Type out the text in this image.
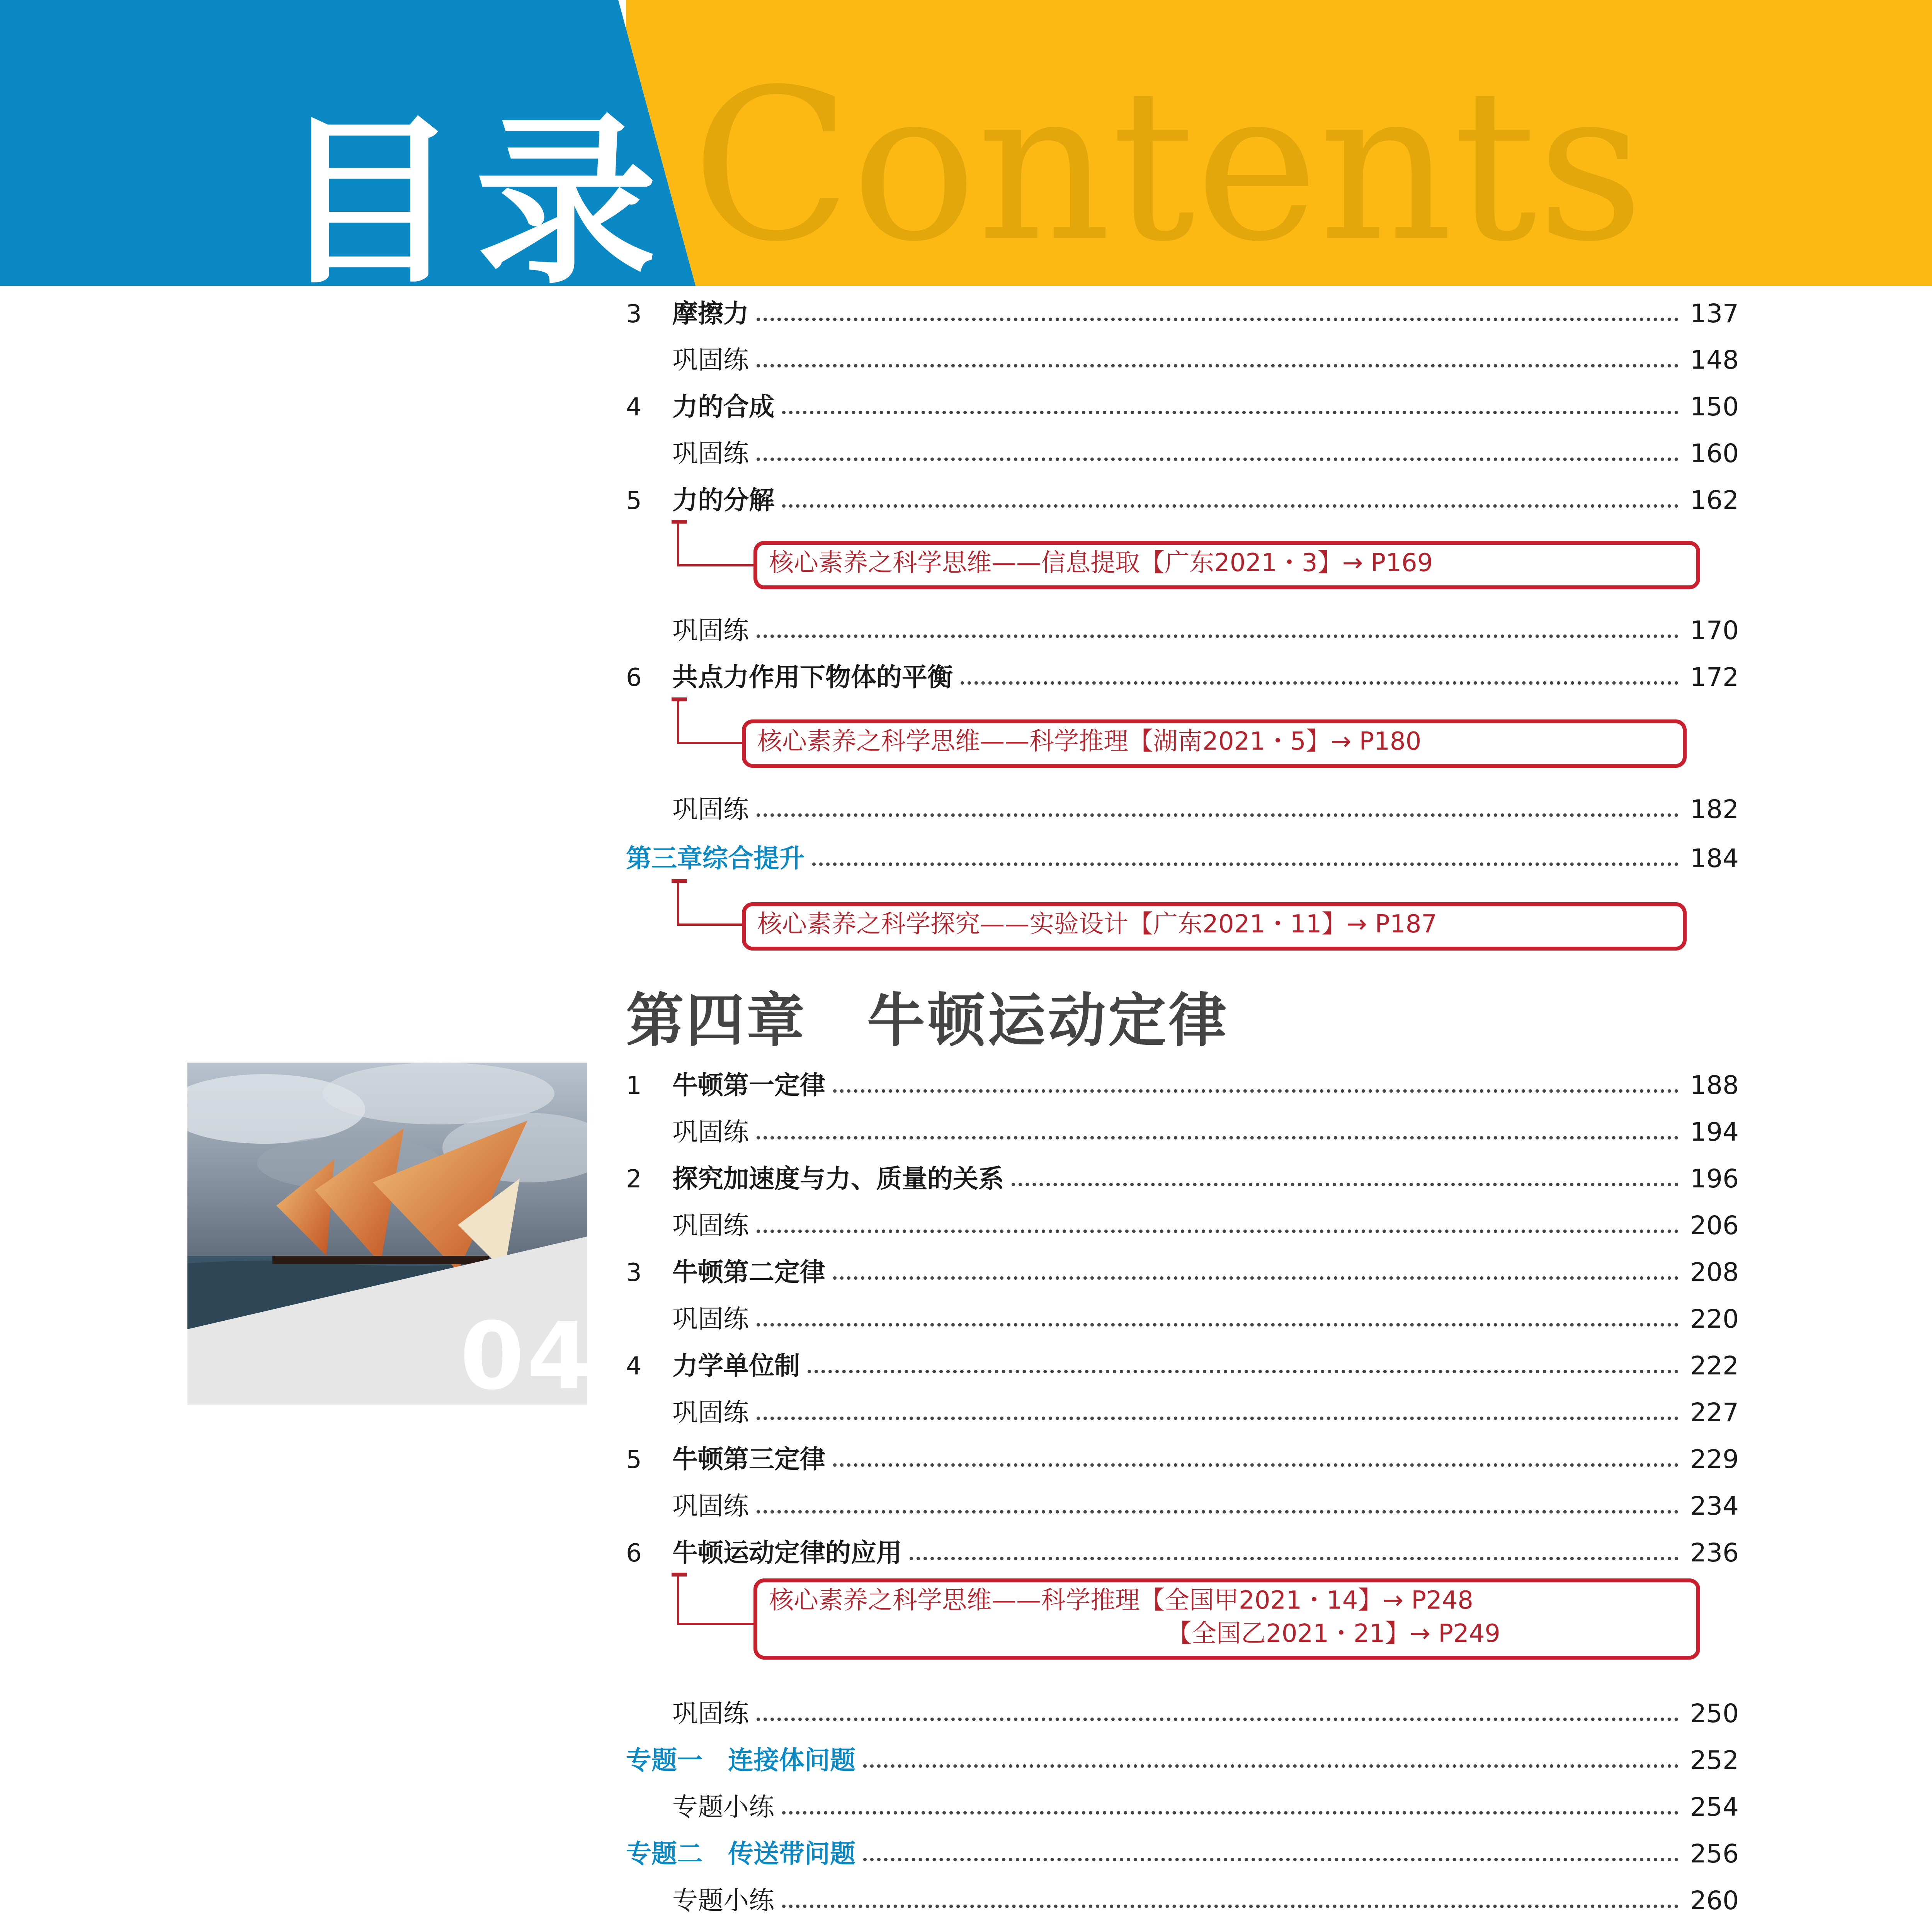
Contents
目录
3	摩擦力	137
巩固练	148
4	力的合成	150
巩固练	160
5	力的分解	162
核心素养之科学思维——信息提取【广东2021・3】→ P169
巩固练	170
6	共点力作用下物体的平衡	172
核心素养之科学思维——科学推理【湖南2021・5】→ P180
巩固练	182
第三章综合提升	184
核心素养之科学探究——实验设计【广东2021・11】→ P187
第四章　牛顿运动定律
04
1	牛顿第一定律	188
巩固练	194
2	探究加速度与力、质量的关系	196
巩固练	206
3	牛顿第二定律	208
巩固练	220
4	力学单位制	222
巩固练	227
5	牛顿第三定律	229
巩固练	234
6	牛顿运动定律的应用	236
核心素养之科学思维——科学推理【全国甲2021・14】→ P248
【全国乙2021・21】→ P249
巩固练	250
专题一　连接体问题	252
专题小练	254
专题二　传送带问题	256
专题小练	260
